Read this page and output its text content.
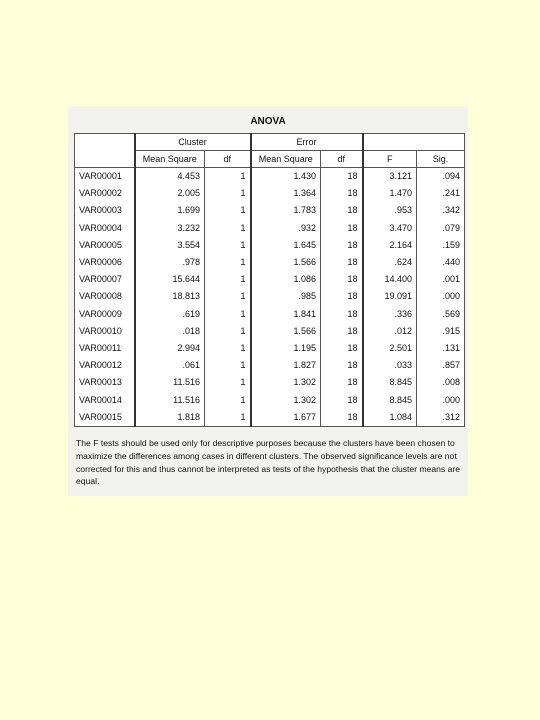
ANOVA
	Cluster		Error			
	Mean Square	df	Mean Square	df	F	Sig.
VAR00001	4.453	1	1.430	18	3.121	.094
VAR00002	2.005	1	1.364	18	1.470	.241
VAR00003	1.699	1	1.783	18	.953	.342
VAR00004	3.232	1	.932	18	3.470	.079
VAR00005	3.554	1	1.645	18	2.164	.159
VAR00006	.978	1	1.566	18	.624	.440
VAR00007	15.644	1	1.086	18	14.400	.001
VAR00008	18.813	1	.985	18	19.091	.000
VAR00009	.619	1	1.841	18	.336	.569
VAR00010	.018	1	1.566	18	.012	.915
VAR00011	2.994	1	1.195	18	2.501	.131
VAR00012	.061	1	1.827	18	.033	.857
VAR00013	11.516	1	1.302	18	8.845	.008
VAR00014	11.516	1	1.302	18	8.845	.000
VAR00015	1.818	1	1.677	18	1.084	.312
The F tests should be used only for descriptive purposes because the clusters have been chosen to maximize the differences among cases in different clusters. The observed significance levels are not corrected for this and thus cannot be interpreted as tests of the hypothesis that the cluster means are equal.
